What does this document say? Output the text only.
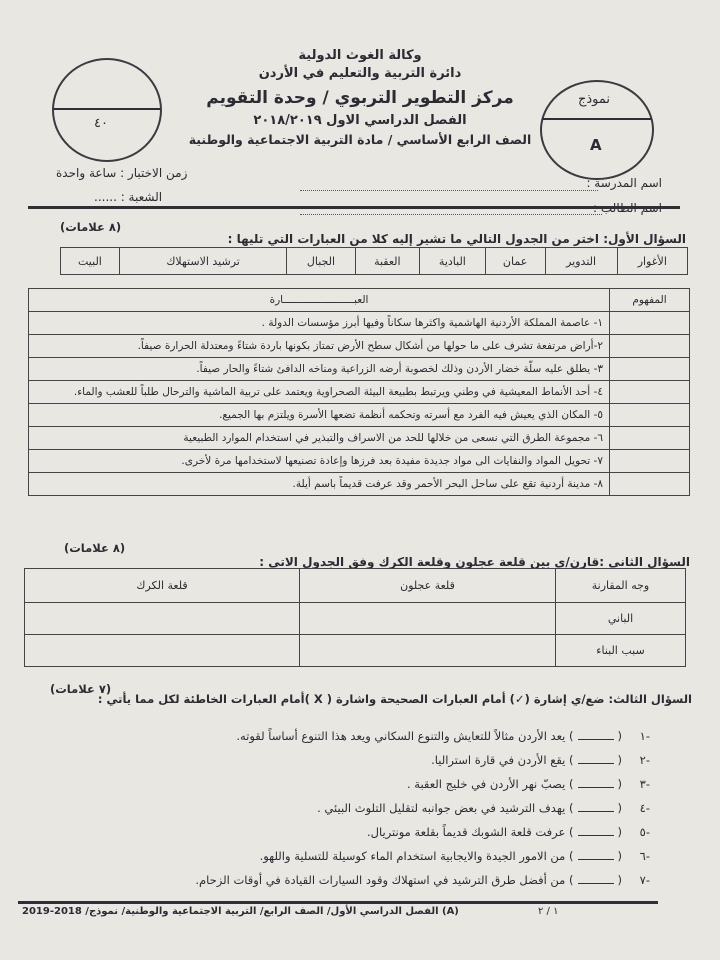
٤٠
نموذج
A
وكالة الغوث الدولية
دائرة التربية والتعليم في الأردن
مركز التطوير التربوي / وحدة التقويم
الفصل الدراسي الاول ٢٠١٨/٢٠١٩
الصف الرابع الأساسي / مادة التربية الاجتماعية والوطنية
اسم المدرسة :
اسم الطالب :
زمن الاختبار : ساعة واحدة
الشعبة : ......
السؤال الأول: اختر من الجدول التالي ما تشير إليه كلا من العبارات التي تليها :
(٨ علامات)
الأغوار	التدوير	عمان	البادية	العقبة	الجبال	ترشيد الاستهلاك	البيت
المفهوم	العبـــــــــــــــــــــــارة
	١- عاصمة المملكة الأردنية الهاشمية واكثرها سكاناً وفيها أبرز مؤسسات الدولة .
	٢-أراض مرتفعة تشرف على ما حولها من أشكال سطح الأرض تمتاز بكونها باردة شتاءً ومعتدلة الحرارة صيفاً.
	٣- يطلق عليه سلّة خضار الأردن وذلك لخصوبة أرضه الزراعية ومناخه الدافئ شتاءً والحار صيفاً.
	٤- أحد الأنماط المعيشية في وطني ويرتبط بطبيعة البيئة الصحراوية ويعتمد على تربية الماشية والترحال طلباً للعشب والماء.
	٥- المكان الذي يعيش فيه الفرد مع أسرته وتحكمه أنظمة تضعها الأسرة ويلتزم بها الجميع.
	٦- مجموعة الطرق التي نسعى من خلالها للحد من الاسراف والتبذير في استخدام الموارد الطبيعية
	٧- تحويل المواد والنفايات الى مواد جديدة مفيدة بعد فرزها وإعادة تصنيعها لاستخدامها مرة لأخرى.
	٨- مدينة أردنية تقع على ساحل البحر الأحمر وقد عرفت قديماً باسم أيلة.
السؤال الثاني :قارن/ي بين قلعة عجلون وقلعة الكرك وفق الجدول الاتي :
(٨ علامات)
وجه المقارنة	قلعة عجلون	قلعة الكرك
الباني		
سبب البناء		
السؤال الثالث: ضع/ي إشارة (✓) أمام العبارات الصحيحة واشارة ( X )أمام العبارات الخاطئة لكل مما يأتي :
(٧ علامات)
-١() يعد الأردن مثالاً للتعايش والتنوع السكاني ويعد هذا التنوع أساساً لقوته.
-٢() يقع الأردن في قارة استراليا.
-٣() يصبّ نهر الأردن في خليج العقبة .
-٤() يهدف الترشيد في بعض جوانبه لتقليل التلوث البيئي .
-٥() عرفت قلعة الشوبك قديماً بقلعة مونتريال.
-٦() من الامور الجيدة والايجابية استخدام الماء كوسيلة للتسلية واللهو.
-٧() من أفضل طرق الترشيد في استهلاك وقود السيارات القيادة في أوقات الزحام.
2019-2018 /الفصل الدراسي الأول/ الصف الرابع/ التربية الاجتماعية والوطنية/ نموذج (A)	١ / ٢
